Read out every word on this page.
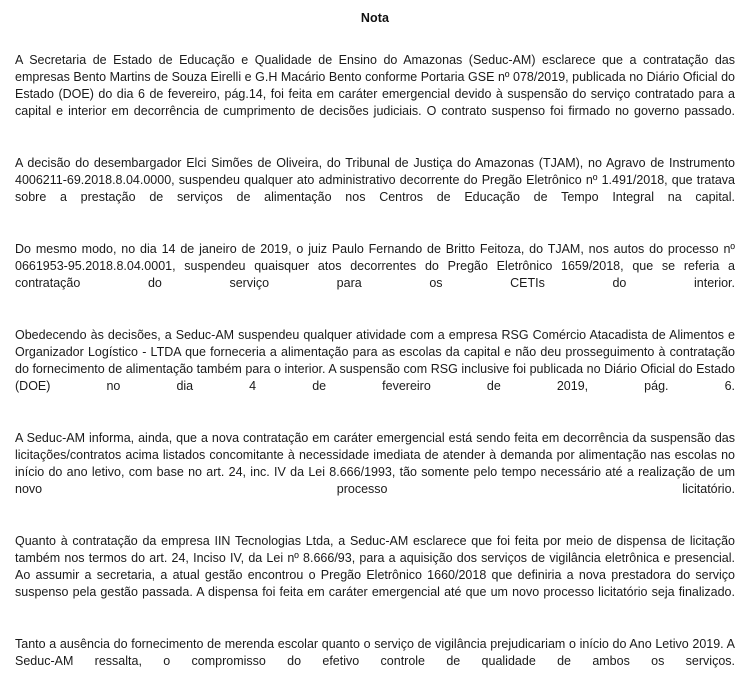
Nota

A Secretaria de Estado de Educação e Qualidade de Ensino do Amazonas (Seduc-AM) esclarece que a contratação das empresas Bento Martins de Souza Eirelli e G.H Macário Bento conforme Portaria GSE nº 078/2019, publicada no Diário Oficial do Estado (DOE) do dia 6 de fevereiro, pág.14, foi feita em caráter emergencial devido à suspensão do serviço contratado para a capital e interior em decorrência de cumprimento de decisões judiciais. O contrato suspenso foi firmado no governo passado.

A decisão do desembargador Elci Simões de Oliveira, do Tribunal de Justiça do Amazonas (TJAM), no Agravo de Instrumento 4006211-69.2018.8.04.0000, suspendeu qualquer ato administrativo decorrente do Pregão Eletrônico nº 1.491/2018, que tratava sobre a prestação de serviços de alimentação nos Centros de Educação de Tempo Integral na capital.

Do mesmo modo, no dia 14 de janeiro de 2019, o juiz Paulo Fernando de Britto Feitoza, do TJAM, nos autos do processo nº 0661953-95.2018.8.04.0001, suspendeu quaisquer atos decorrentes do Pregão Eletrônico 1659/2018, que se referia a contratação do serviço para os CETIs do interior.

Obedecendo às decisões, a Seduc-AM suspendeu qualquer atividade com a empresa RSG Comércio Atacadista de Alimentos e Organizador Logístico - LTDA que forneceria a alimentação para as escolas da capital e não deu prosseguimento à contratação do fornecimento de alimentação também para o interior. A suspensão com RSG inclusive foi publicada no Diário Oficial do Estado (DOE) no dia 4 de fevereiro de 2019, pág. 6.

A Seduc-AM informa, ainda, que a nova contratação em caráter emergencial está sendo feita em decorrência da suspensão das licitações/contratos acima listados concomitante à necessidade imediata de atender à demanda por alimentação nas escolas no início do ano letivo, com base no art. 24, inc. IV da Lei 8.666/1993, tão somente pelo tempo necessário até a realização de um novo processo licitatório.

Quanto à contratação da empresa IIN Tecnologias Ltda, a Seduc-AM esclarece que foi feita por meio de dispensa de licitação também nos termos do art. 24, Inciso IV, da Lei nº 8.666/93, para a aquisição dos serviços de vigilância eletrônica e presencial. Ao assumir a secretaria, a atual gestão encontrou o Pregão Eletrônico 1660/2018 que definiria a nova prestadora do serviço suspenso pela gestão passada. A dispensa foi feita em caráter emergencial até que um novo processo licitatório seja finalizado.

Tanto a ausência do fornecimento de merenda escolar quanto o serviço de vigilância prejudicariam o início do Ano Letivo 2019. A Seduc-AM ressalta, o compromisso do efetivo controle de qualidade de ambos os serviços.
